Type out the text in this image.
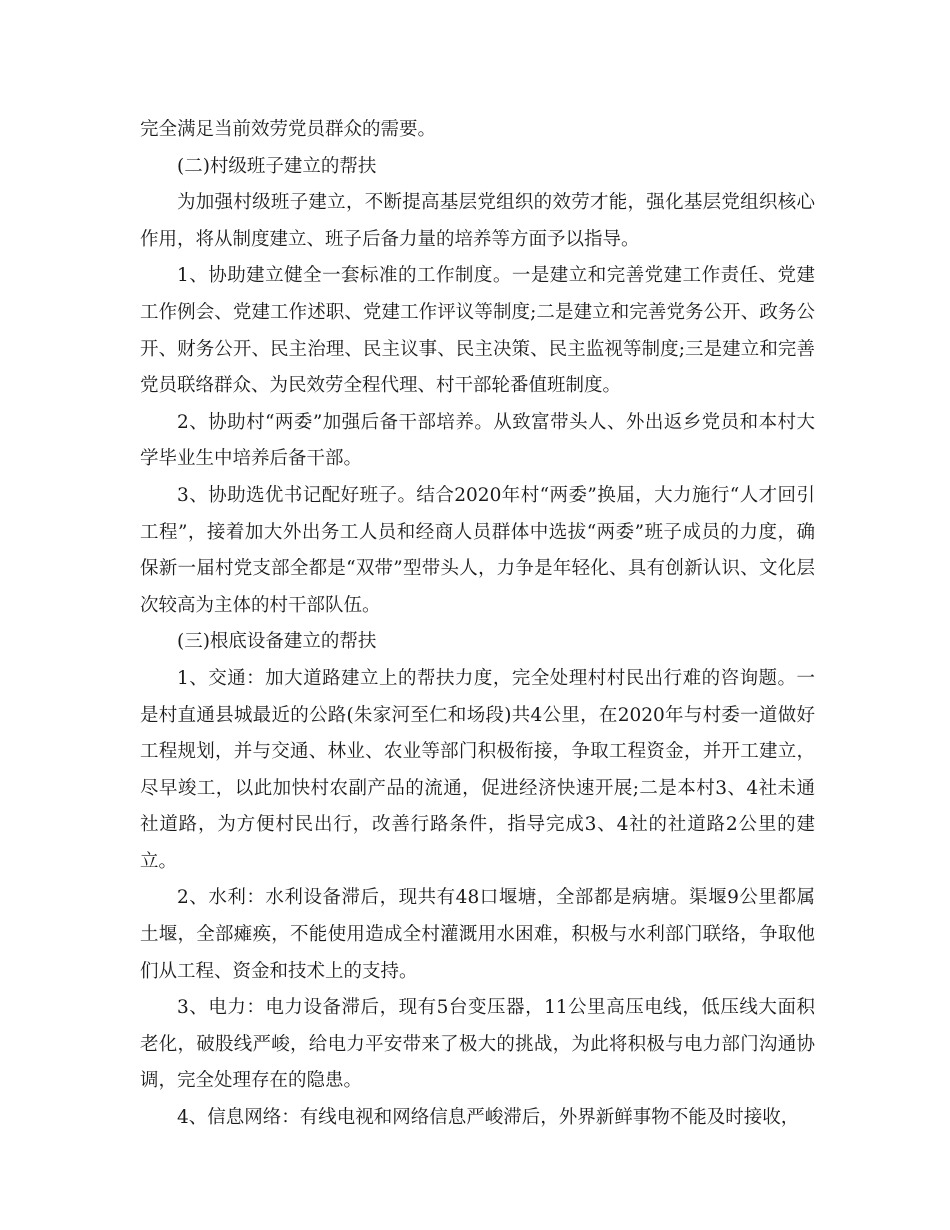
完全满足当前效劳党员群众的需要。

(二)村级班子建立的帮扶

为加强村级班子建立，不断提高基层党组织的效劳才能，强化基层党组织核心作用，将从制度建立、班子后备力量的培养等方面予以指导。

1、协助建立健全一套标准的工作制度。一是建立和完善党建工作责任、党建工作例会、党建工作述职、党建工作评议等制度;二是建立和完善党务公开、政务公开、财务公开、民主治理、民主议事、民主决策、民主监视等制度;三是建立和完善党员联络群众、为民效劳全程代理、村干部轮番值班制度。

2、协助村“两委”加强后备干部培养。从致富带头人、外出返乡党员和本村大学毕业生中培养后备干部。

3、协助选优书记配好班子。结合2020年村“两委”换届，大力施行“人才回引工程”，接着加大外出务工人员和经商人员群体中选拔“两委”班子成员的力度，确保新一届村党支部全都是“双带”型带头人，力争是年轻化、具有创新认识、文化层次较高为主体的村干部队伍。

(三)根底设备建立的帮扶

1、交通：加大道路建立上的帮扶力度，完全处理村村民出行难的咨询题。一是村直通县城最近的公路(朱家河至仁和场段)共4公里，在2020年与村委一道做好工程规划，并与交通、林业、农业等部门积极衔接，争取工程资金，并开工建立，尽早竣工，以此加快村农副产品的流通，促进经济快速开展;二是本村3、4社未通社道路，为方便村民出行，改善行路条件，指导完成3、4社的社道路2公里的建立。

2、水利：水利设备滞后，现共有48口堰塘，全部都是病塘。渠堰9公里都属土堰，全部瘫痪，不能使用造成全村灌溉用水困难，积极与水利部门联络，争取他们从工程、资金和技术上的支持。

3、电力：电力设备滞后，现有5台变压器，11公里高压电线，低压线大面积老化，破股线严峻，给电力平安带来了极大的挑战，为此将积极与电力部门沟通协调，完全处理存在的隐患。

4、信息网络：有线电视和网络信息严峻滞后，外界新鲜事物不能及时接收，
